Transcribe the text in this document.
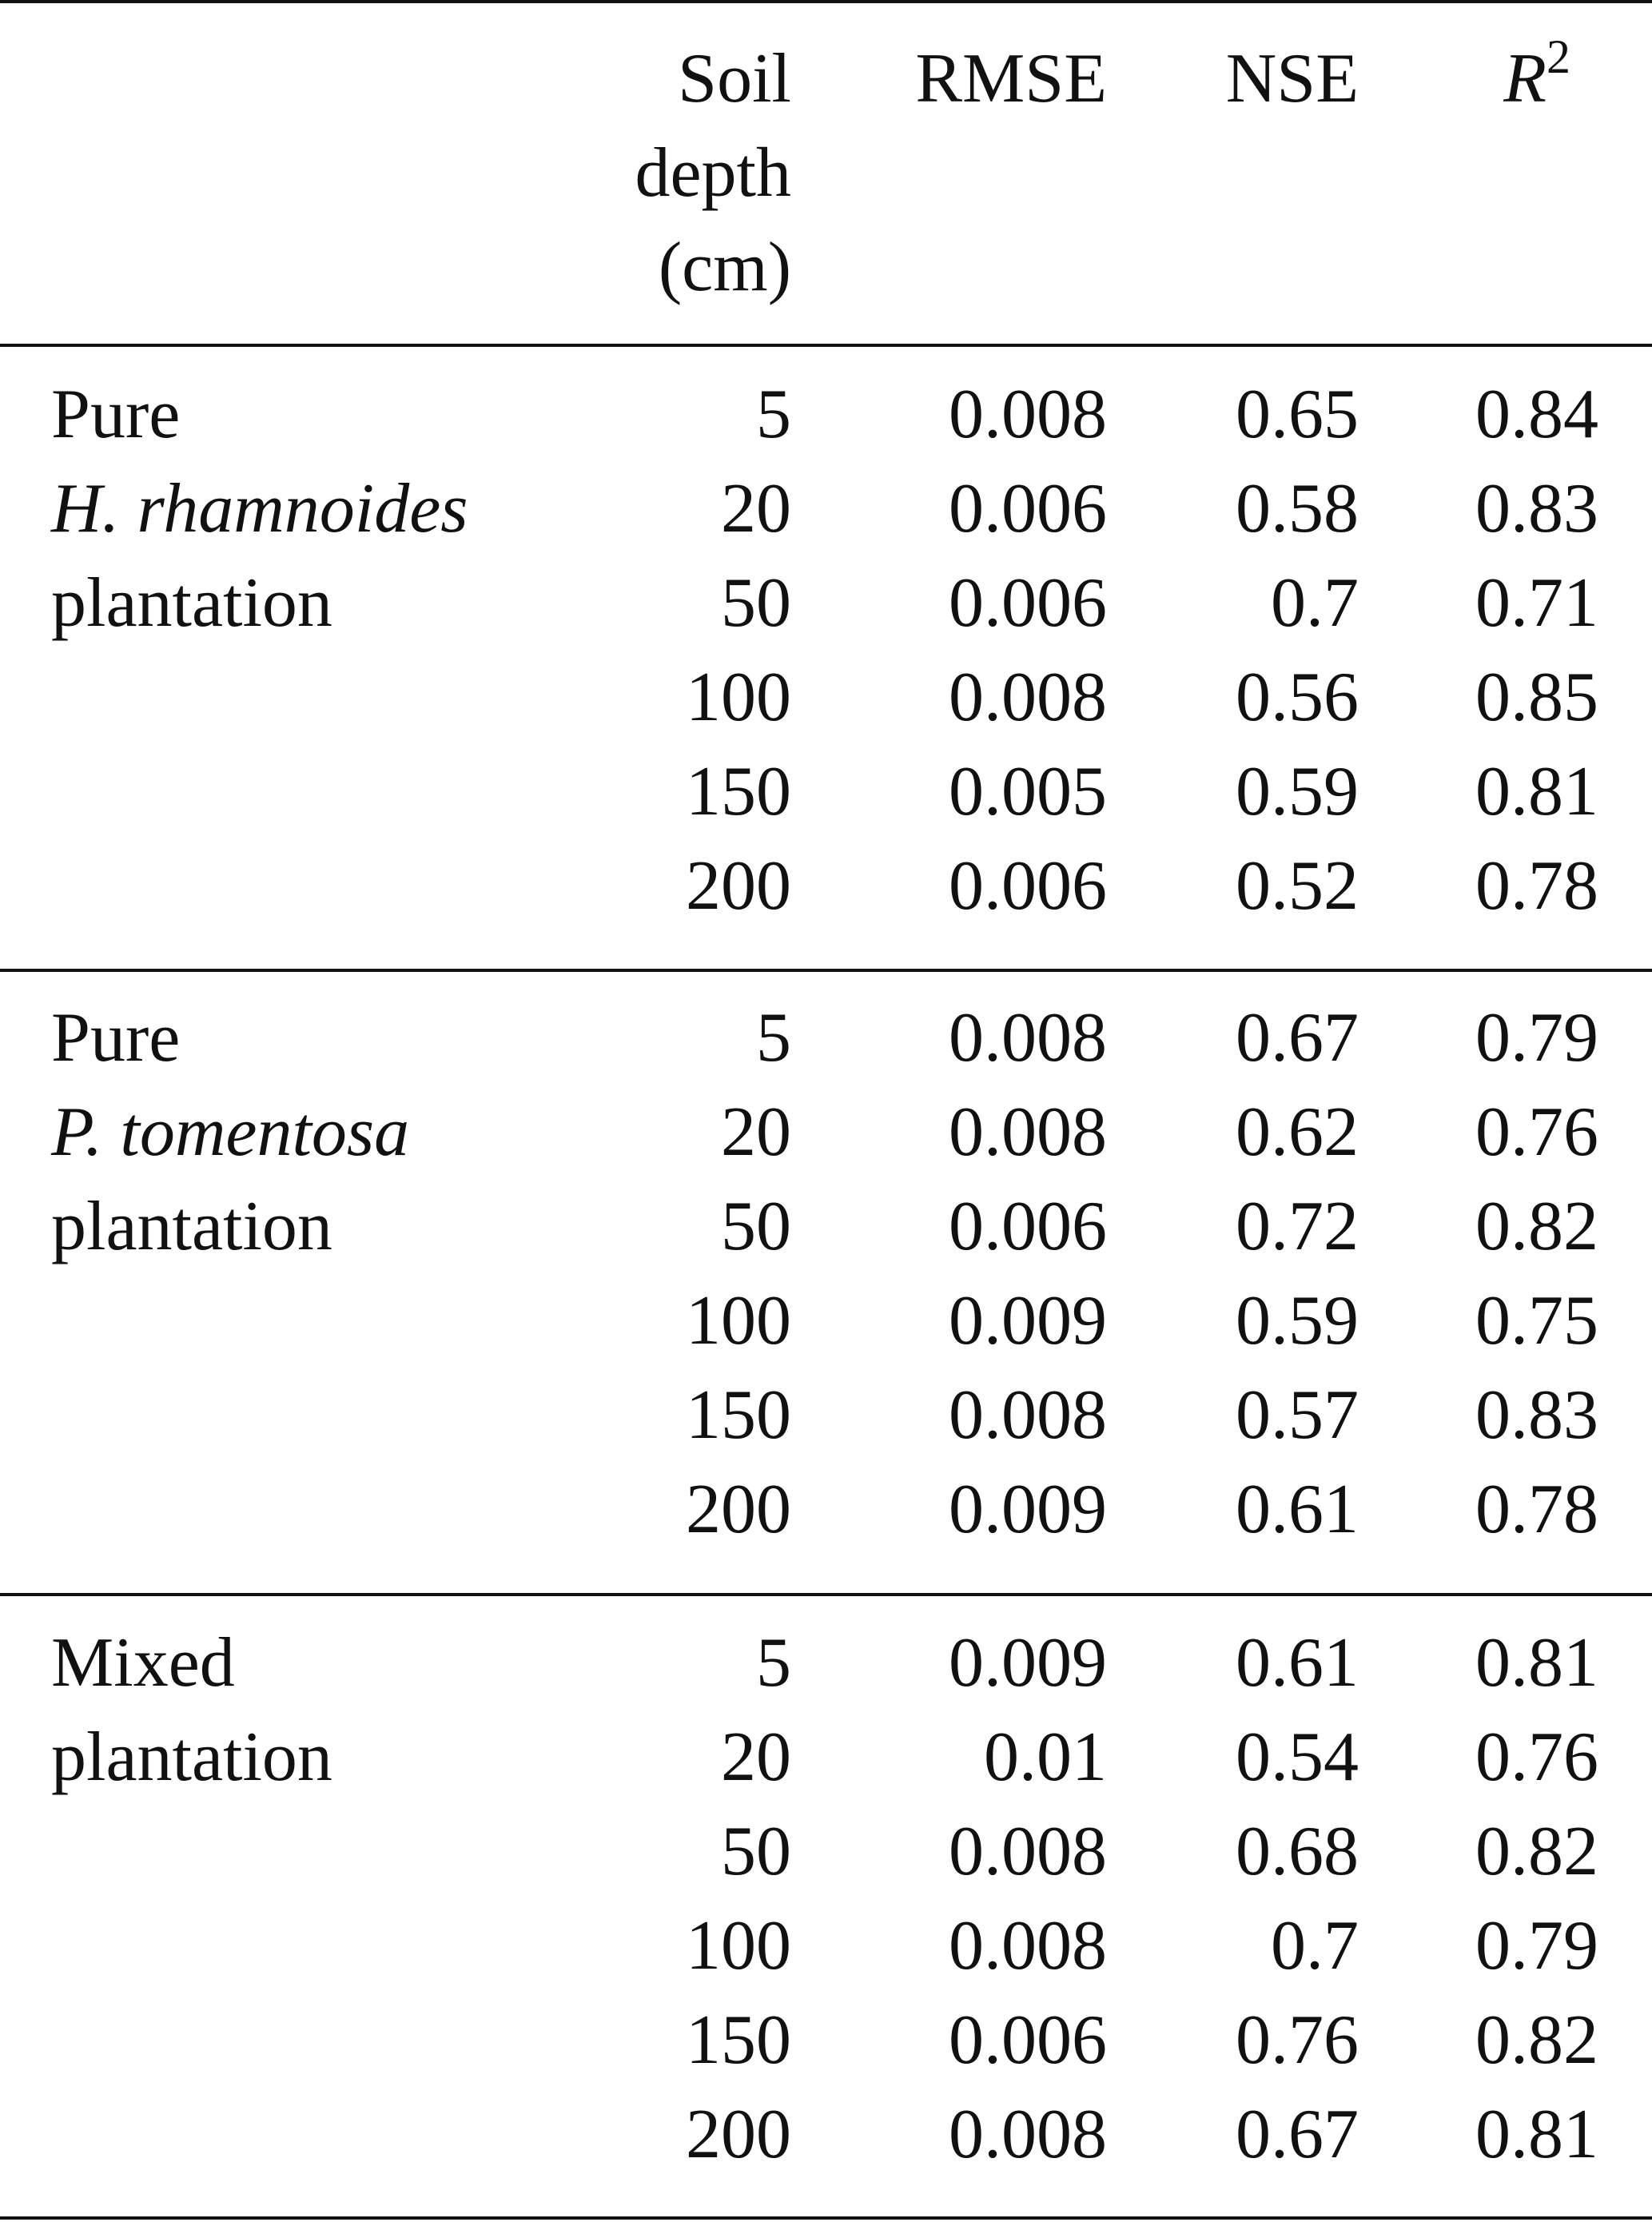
Soil
depth
(cm)
RMSE	NSE	$R^2$
Pure
H. rhamnoides
plantation
5	0.008	0.65	0.84
20	0.006	0.58	0.83
50	0.006	0.7	0.71
100	0.008	0.56	0.85
150	0.005	0.59	0.81
200	0.006	0.52	0.78
Pure
P. tomentosa
plantation
5	0.008	0.67	0.79
20	0.008	0.62	0.76
50	0.006	0.72	0.82
100	0.009	0.59	0.75
150	0.008	0.57	0.83
200	0.009	0.61	0.78
Mixed
plantation
5	0.009	0.61	0.81
20	0.01	0.54	0.76
50	0.008	0.68	0.82
100	0.008	0.7	0.79
150	0.006	0.76	0.82
200	0.008	0.67	0.81
